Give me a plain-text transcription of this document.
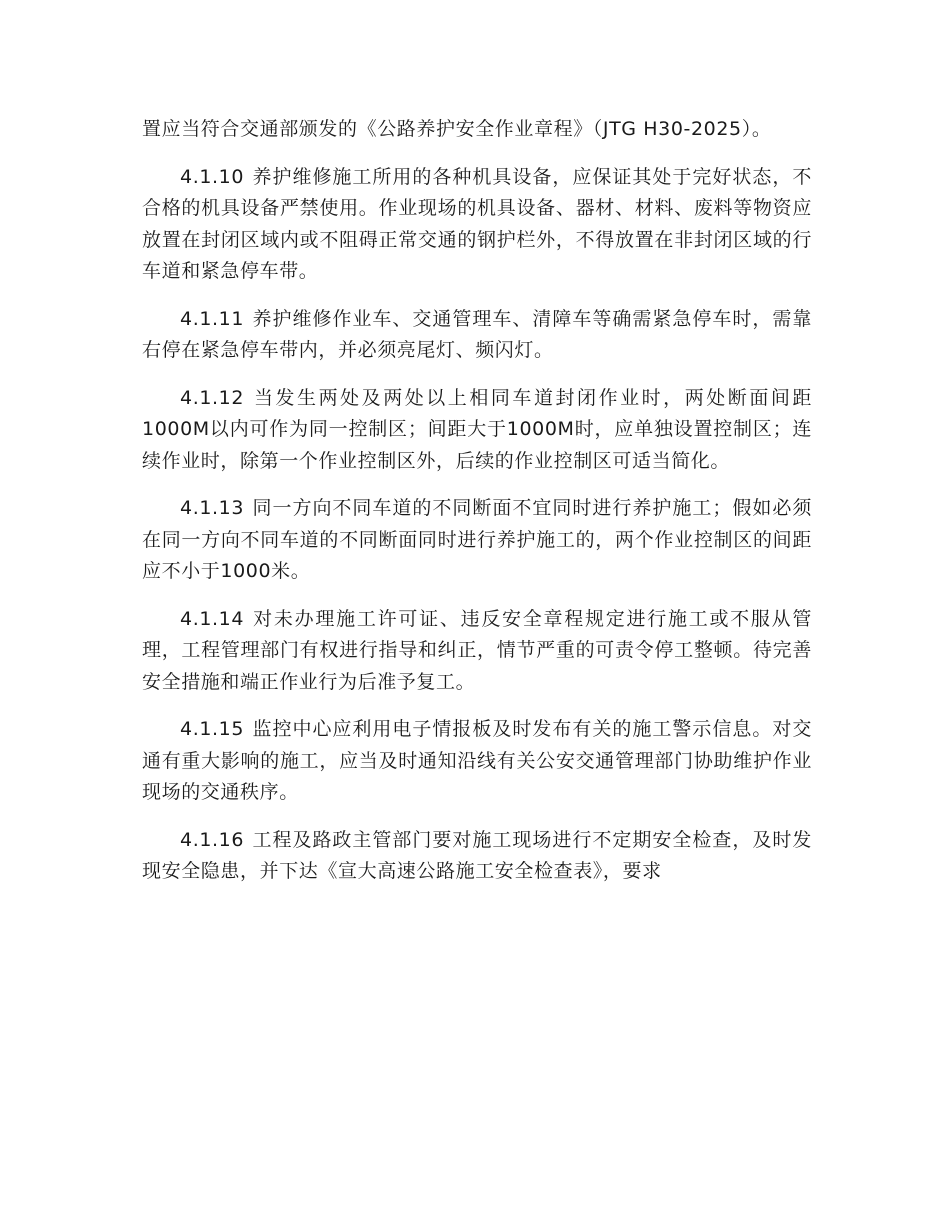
置应当符合交通部颁发的《公路养护安全作业章程》（JTG H30-2025）。

4.1.10 养护维修施工所用的各种机具设备，应保证其处于完好状态，不合格的机具设备严禁使用。作业现场的机具设备、器材、材料、废料等物资应放置在封闭区域内或不阻碍正常交通的钢护栏外，不得放置在非封闭区域的行车道和紧急停车带。

4.1.11 养护维修作业车、交通管理车、清障车等确需紧急停车时，需靠右停在紧急停车带内，并必须亮尾灯、频闪灯。

4.1.12 当发生两处及两处以上相同车道封闭作业时，两处断面间距1000M以内可作为同一控制区；间距大于1000M时，应单独设置控制区；连续作业时，除第一个作业控制区外，后续的作业控制区可适当简化。

4.1.13 同一方向不同车道的不同断面不宜同时进行养护施工；假如必须在同一方向不同车道的不同断面同时进行养护施工的，两个作业控制区的间距应不小于1000米。

4.1.14 对未办理施工许可证、违反安全章程规定进行施工或不服从管理，工程管理部门有权进行指导和纠正，情节严重的可责令停工整顿。待完善安全措施和端正作业行为后准予复工。

4.1.15 监控中心应利用电子情报板及时发布有关的施工警示信息。对交通有重大影响的施工，应当及时通知沿线有关公安交通管理部门协助维护作业现场的交通秩序。

4.1.16 工程及路政主管部门要对施工现场进行不定期安全检查，及时发现安全隐患，并下达《宣大高速公路施工安全检查表》，要求
